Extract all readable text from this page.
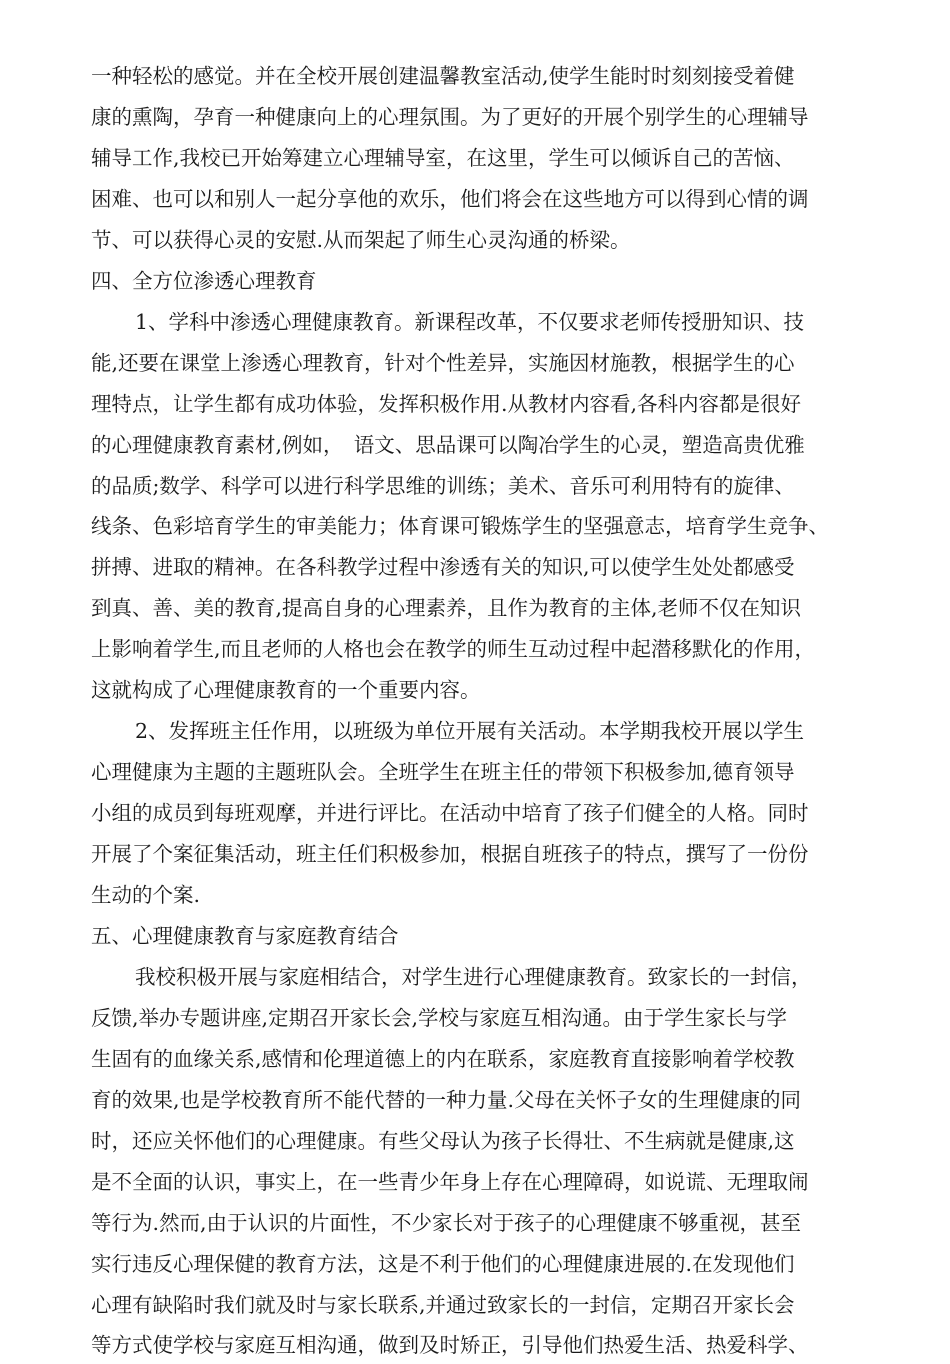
一种轻松的感觉。并在全校开展创建温馨教室活动,使学生能时时刻刻接受着健
康的熏陶，孕育一种健康向上的心理氛围。为了更好的开展个别学生的心理辅导
辅导工作,我校已开始筹建立心理辅导室，在这里，学生可以倾诉自己的苦恼、
困难、也可以和别人一起分享他的欢乐，他们将会在这些地方可以得到心情的调
节、可以获得心灵的安慰.从而架起了师生心灵沟通的桥梁。
四、全方位渗透心理教育
1、学科中渗透心理健康教育。新课程改革，不仅要求老师传授册知识、技
能,还要在课堂上渗透心理教育，针对个性差异，实施因材施教，根据学生的心
理特点，让学生都有成功体验，发挥积极作用.从教材内容看,各科内容都是很好
的心理健康教育素材,例如，　语文、思品课可以陶冶学生的心灵，塑造高贵优雅
的品质;数学、科学可以进行科学思维的训练；美术、音乐可利用特有的旋律、
线条、色彩培育学生的审美能力；体育课可锻炼学生的坚强意志，培育学生竞争、
拼搏、进取的精神。在各科教学过程中渗透有关的知识,可以使学生处处都感受
到真、善、美的教育,提高自身的心理素养，且作为教育的主体,老师不仅在知识
上影响着学生,而且老师的人格也会在教学的师生互动过程中起潜移默化的作用，
这就构成了心理健康教育的一个重要内容。
2、发挥班主任作用，以班级为单位开展有关活动。本学期我校开展以学生
心理健康为主题的主题班队会。全班学生在班主任的带领下积极参加,德育领导
小组的成员到每班观摩，并进行评比。在活动中培育了孩子们健全的人格。同时
开展了个案征集活动，班主任们积极参加，根据自班孩子的特点，撰写了一份份
生动的个案.
五、心理健康教育与家庭教育结合
我校积极开展与家庭相结合，对学生进行心理健康教育。致家长的一封信，
反馈,举办专题讲座,定期召开家长会,学校与家庭互相沟通。由于学生家长与学
生固有的血缘关系,感情和伦理道德上的内在联系，家庭教育直接影响着学校教
育的效果,也是学校教育所不能代替的一种力量.父母在关怀子女的生理健康的同
时，还应关怀他们的心理健康。有些父母认为孩子长得壮、不生病就是健康,这
是不全面的认识，事实上，在一些青少年身上存在心理障碍，如说谎、无理取闹
等行为.然而,由于认识的片面性，不少家长对于孩子的心理健康不够重视，甚至
实行违反心理保健的教育方法，这是不利于他们的心理健康进展的.在发现他们
心理有缺陷时我们就及时与家长联系,并通过致家长的一封信，定期召开家长会
等方式使学校与家庭互相沟通，做到及时矫正，引导他们热爱生活、热爱科学、
